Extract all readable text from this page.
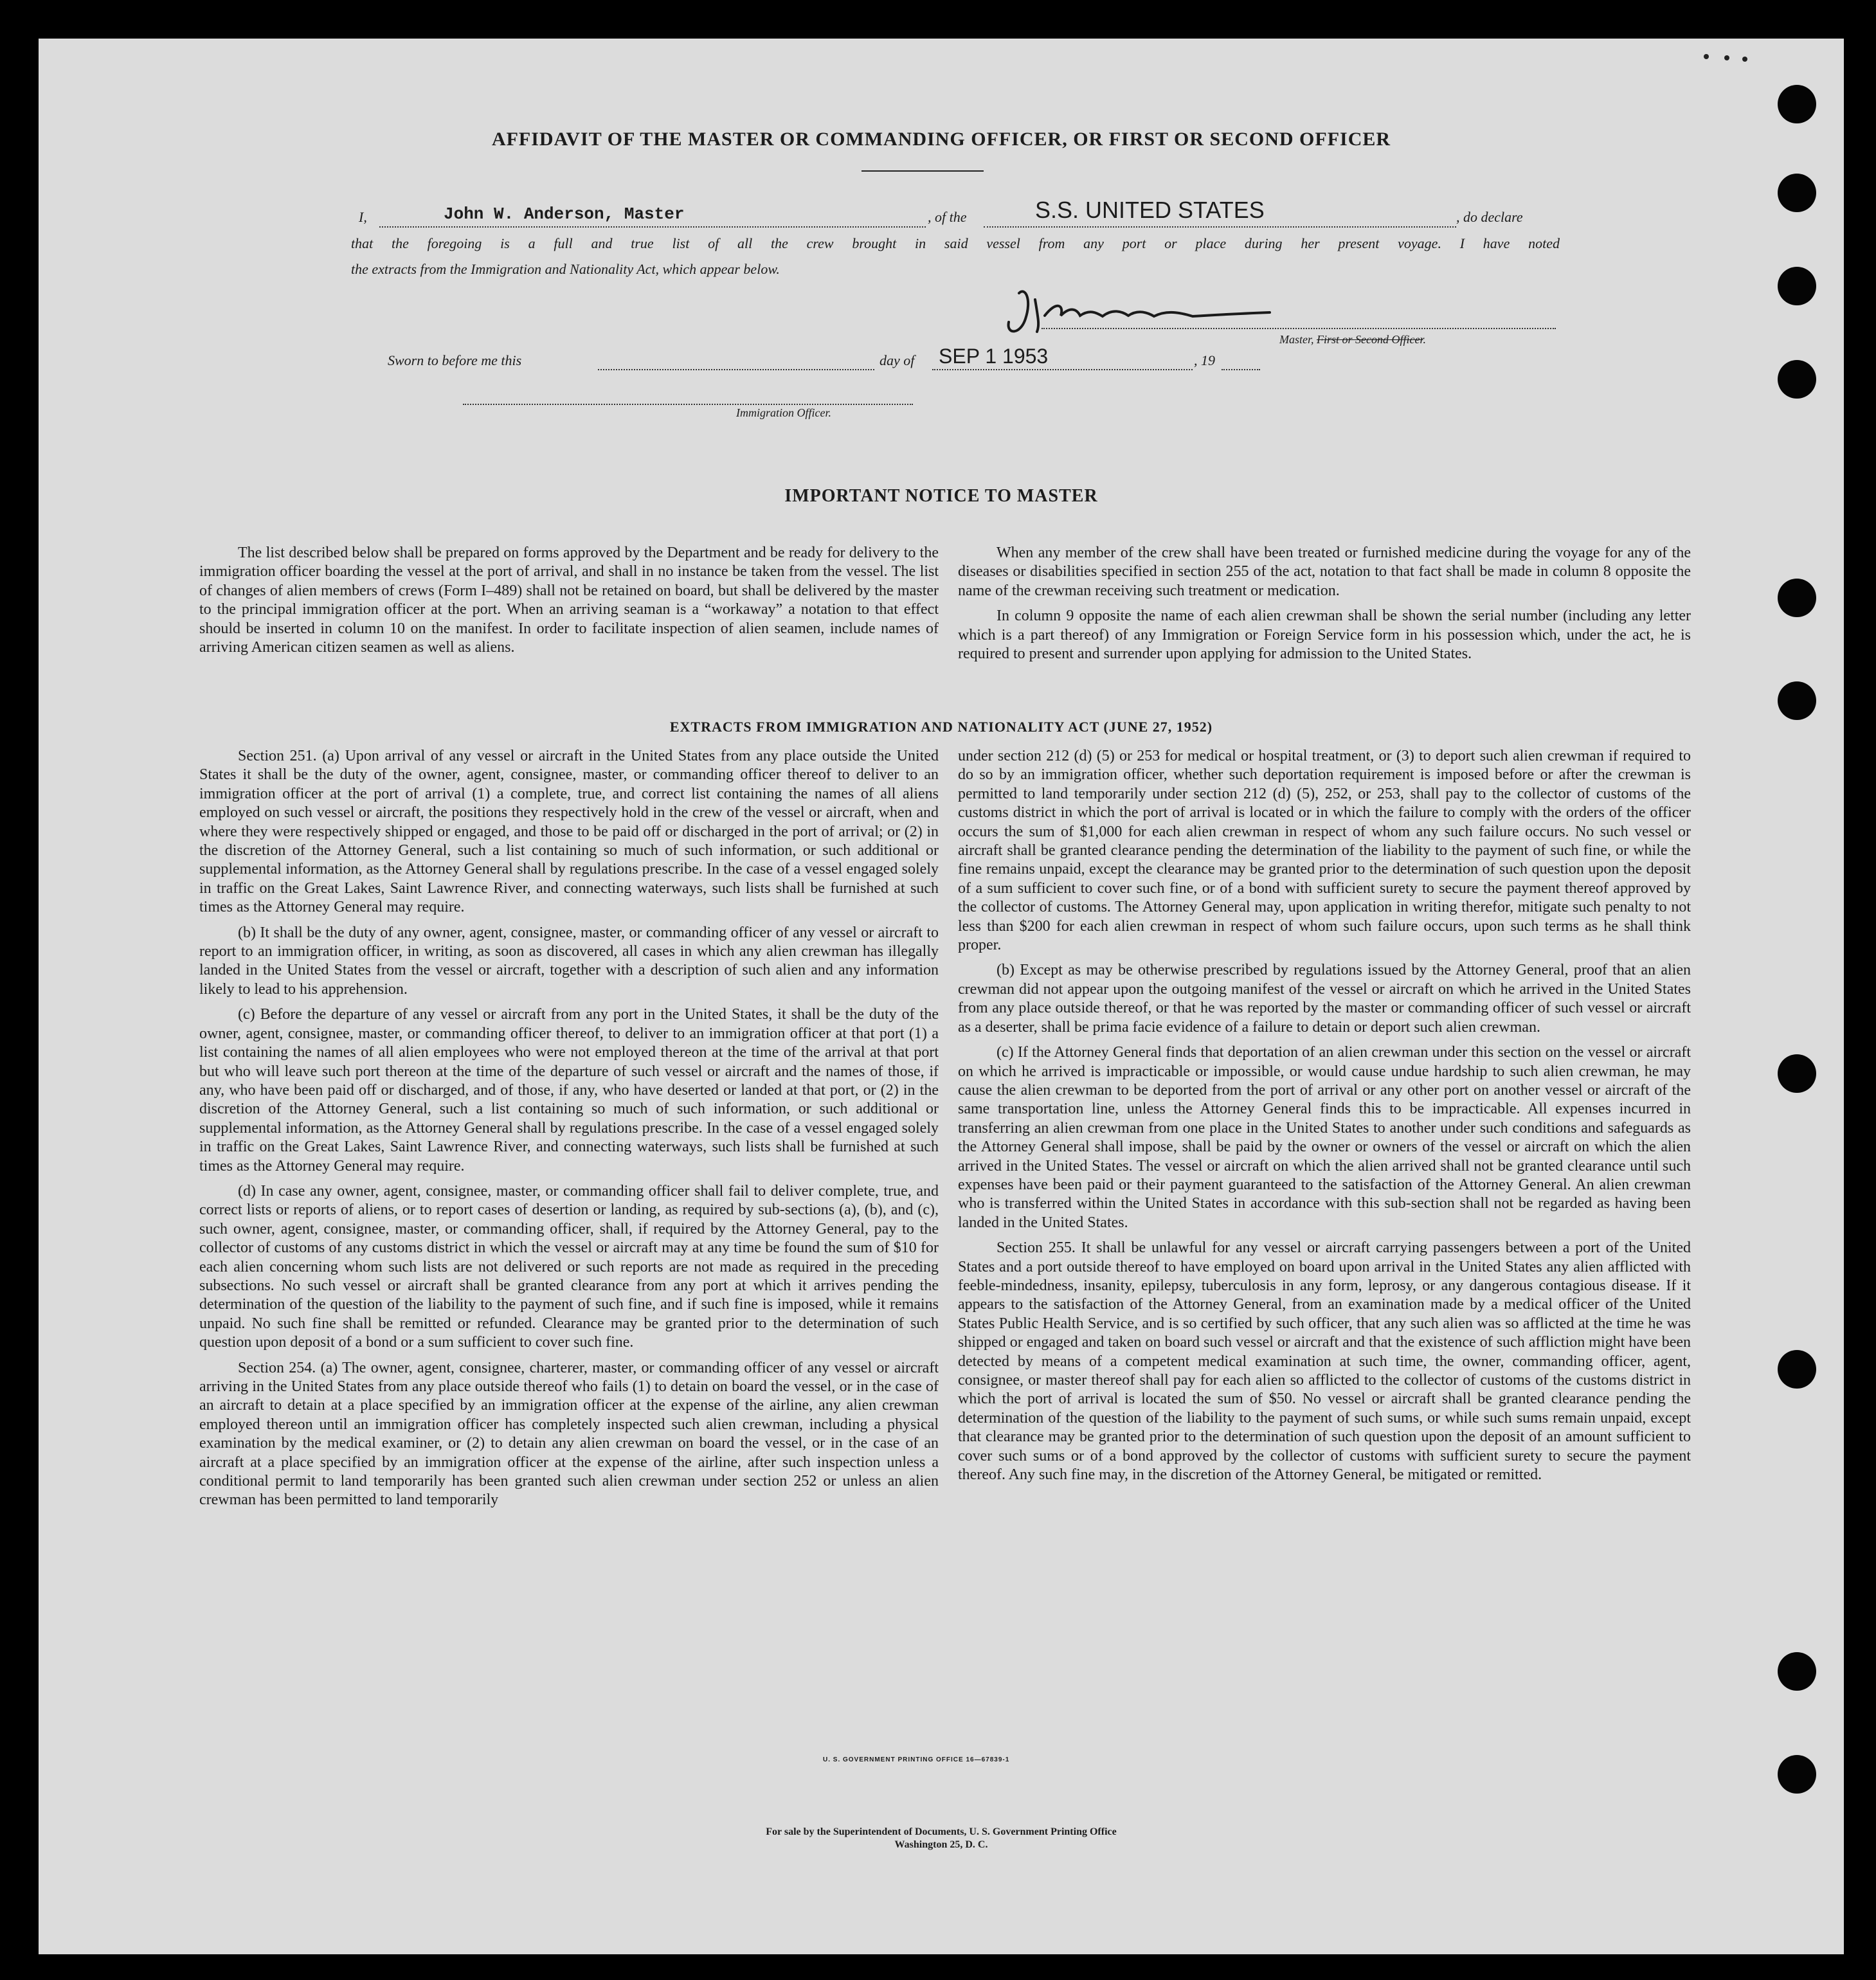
AFFIDAVIT OF THE MASTER OR COMMANDING OFFICER, OR FIRST OR SECOND OFFICER
I,	John W. Anderson, Master	, of the	S.S. UNITED STATES	, do declare
that the foregoing is a full and true list of all the crew brought in said vessel from any port or place during her present voyage. I have noted
the extracts from the Immigration and Nationality Act, which appear below.
Master, First or Second Officer.
Sworn to before me this	day of SEP 1 1953	, 19
Immigration Officer.
IMPORTANT NOTICE TO MASTER

The list described below shall be prepared on forms approved by the Department and be ready for delivery to the immigration officer boarding the vessel at the port of arrival, and shall in no instance be taken from the vessel. The list of changes of alien members of crews (Form I–489) shall not be retained on board, but shall be delivered by the master to the principal immigration officer at the port. When an arriving seaman is a “workaway” a notation to that effect should be inserted in column 10 on the manifest. In order to facilitate inspection of alien seamen, include names of arriving American citizen seamen as well as aliens.

When any member of the crew shall have been treated or furnished medicine during the voyage for any of the diseases or disabilities specified in section 255 of the act, notation to that fact shall be made in column 8 opposite the name of the crewman receiving such treatment or medication.

In column 9 opposite the name of each alien crewman shall be shown the serial number (including any letter which is a part thereof) of any Immigration or Foreign Service form in his possession which, under the act, he is required to present and surrender upon applying for admission to the United States.

EXTRACTS FROM IMMIGRATION AND NATIONALITY ACT (JUNE 27, 1952)

Section 251. (a) Upon arrival of any vessel or aircraft in the United States from any place outside the United States it shall be the duty of the owner, agent, consignee, master, or commanding officer thereof to deliver to an immigration officer at the port of arrival (1) a complete, true, and correct list containing the names of all aliens employed on such vessel or aircraft, the positions they respectively hold in the crew of the vessel or aircraft, when and where they were respectively shipped or engaged, and those to be paid off or discharged in the port of arrival; or (2) in the discretion of the Attorney General, such a list containing so much of such information, or such additional or supplemental information, as the Attorney General shall by regulations prescribe. In the case of a vessel engaged solely in traffic on the Great Lakes, Saint Lawrence River, and connecting waterways, such lists shall be furnished at such times as the Attorney General may require.

(b) It shall be the duty of any owner, agent, consignee, master, or commanding officer of any vessel or aircraft to report to an immigration officer, in writing, as soon as discovered, all cases in which any alien crewman has illegally landed in the United States from the vessel or aircraft, together with a description of such alien and any information likely to lead to his apprehension.

(c) Before the departure of any vessel or aircraft from any port in the United States, it shall be the duty of the owner, agent, consignee, master, or commanding officer thereof, to deliver to an immigration officer at that port (1) a list containing the names of all alien employees who were not employed thereon at the time of the arrival at that port but who will leave such port thereon at the time of the departure of such vessel or aircraft and the names of those, if any, who have been paid off or discharged, and of those, if any, who have deserted or landed at that port, or (2) in the discretion of the Attorney General, such a list containing so much of such information, or such additional or supplemental information, as the Attorney General shall by regulations prescribe. In the case of a vessel engaged solely in traffic on the Great Lakes, Saint Lawrence River, and connecting waterways, such lists shall be furnished at such times as the Attorney General may require.

(d) In case any owner, agent, consignee, master, or commanding officer shall fail to deliver complete, true, and correct lists or reports of aliens, or to report cases of desertion or landing, as required by sub-sections (a), (b), and (c), such owner, agent, consignee, master, or commanding officer, shall, if required by the Attorney General, pay to the collector of customs of any customs district in which the vessel or aircraft may at any time be found the sum of $10 for each alien concerning whom such lists are not delivered or such reports are not made as required in the preceding subsections. No such vessel or aircraft shall be granted clearance from any port at which it arrives pending the determination of the question of the liability to the payment of such fine, and if such fine is imposed, while it remains unpaid. No such fine shall be remitted or refunded. Clearance may be granted prior to the determination of such question upon deposit of a bond or a sum sufficient to cover such fine.

Section 254. (a) The owner, agent, consignee, charterer, master, or commanding officer of any vessel or aircraft arriving in the United States from any place outside thereof who fails (1) to detain on board the vessel, or in the case of an aircraft to detain at a place specified by an immigration officer at the expense of the airline, any alien crewman employed thereon until an immigration officer has completely inspected such alien crewman, including a physical examination by the medical examiner, or (2) to detain any alien crewman on board the vessel, or in the case of an aircraft at a place specified by an immigration officer at the expense of the airline, after such inspection unless a conditional permit to land temporarily has been granted such alien crewman under section 252 or unless an alien crewman has been permitted to land temporarily

under section 212 (d) (5) or 253 for medical or hospital treatment, or (3) to deport such alien crewman if required to do so by an immigration officer, whether such deportation requirement is imposed before or after the crewman is permitted to land temporarily under section 212 (d) (5), 252, or 253, shall pay to the collector of customs of the customs district in which the port of arrival is located or in which the failure to comply with the orders of the officer occurs the sum of $1,000 for each alien crewman in respect of whom any such failure occurs. No such vessel or aircraft shall be granted clearance pending the determination of the liability to the payment of such fine, or while the fine remains unpaid, except the clearance may be granted prior to the determination of such question upon the deposit of a sum sufficient to cover such fine, or of a bond with sufficient surety to secure the payment thereof approved by the collector of customs. The Attorney General may, upon application in writing therefor, mitigate such penalty to not less than $200 for each alien crewman in respect of whom such failure occurs, upon such terms as he shall think proper.

(b) Except as may be otherwise prescribed by regulations issued by the Attorney General, proof that an alien crewman did not appear upon the outgoing manifest of the vessel or aircraft on which he arrived in the United States from any place outside thereof, or that he was reported by the master or commanding officer of such vessel or aircraft as a deserter, shall be prima facie evidence of a failure to detain or deport such alien crewman.

(c) If the Attorney General finds that deportation of an alien crewman under this section on the vessel or aircraft on which he arrived is impracticable or impossible, or would cause undue hardship to such alien crewman, he may cause the alien crewman to be deported from the port of arrival or any other port on another vessel or aircraft of the same transportation line, unless the Attorney General finds this to be impracticable. All expenses incurred in transferring an alien crewman from one place in the United States to another under such conditions and safeguards as the Attorney General shall impose, shall be paid by the owner or owners of the vessel or aircraft on which the alien arrived in the United States. The vessel or aircraft on which the alien arrived shall not be granted clearance until such expenses have been paid or their payment guaranteed to the satisfaction of the Attorney General. An alien crewman who is transferred within the United States in accordance with this sub-section shall not be regarded as having been landed in the United States.

Section 255. It shall be unlawful for any vessel or aircraft carrying passengers between a port of the United States and a port outside thereof to have employed on board upon arrival in the United States any alien afflicted with feeble-mindedness, insanity, epilepsy, tuberculosis in any form, leprosy, or any dangerous contagious disease. If it appears to the satisfaction of the Attorney General, from an examination made by a medical officer of the United States Public Health Service, and is so certified by such officer, that any such alien was so afflicted at the time he was shipped or engaged and taken on board such vessel or aircraft and that the existence of such affliction might have been detected by means of a competent medical examination at such time, the owner, commanding officer, agent, consignee, or master thereof shall pay for each alien so afflicted to the collector of customs of the customs district in which the port of arrival is located the sum of $50. No vessel or aircraft shall be granted clearance pending the determination of the question of the liability to the payment of such sums, or while such sums remain unpaid, except that clearance may be granted prior to the determination of such question upon the deposit of an amount sufficient to cover such sums or of a bond approved by the collector of customs with sufficient surety to secure the payment thereof. Any such fine may, in the discretion of the Attorney General, be mitigated or remitted.

U. S. GOVERNMENT PRINTING OFFICE 16—67839-1
For sale by the Superintendent of Documents, U. S. Government Printing Office
Washington 25, D. C.
